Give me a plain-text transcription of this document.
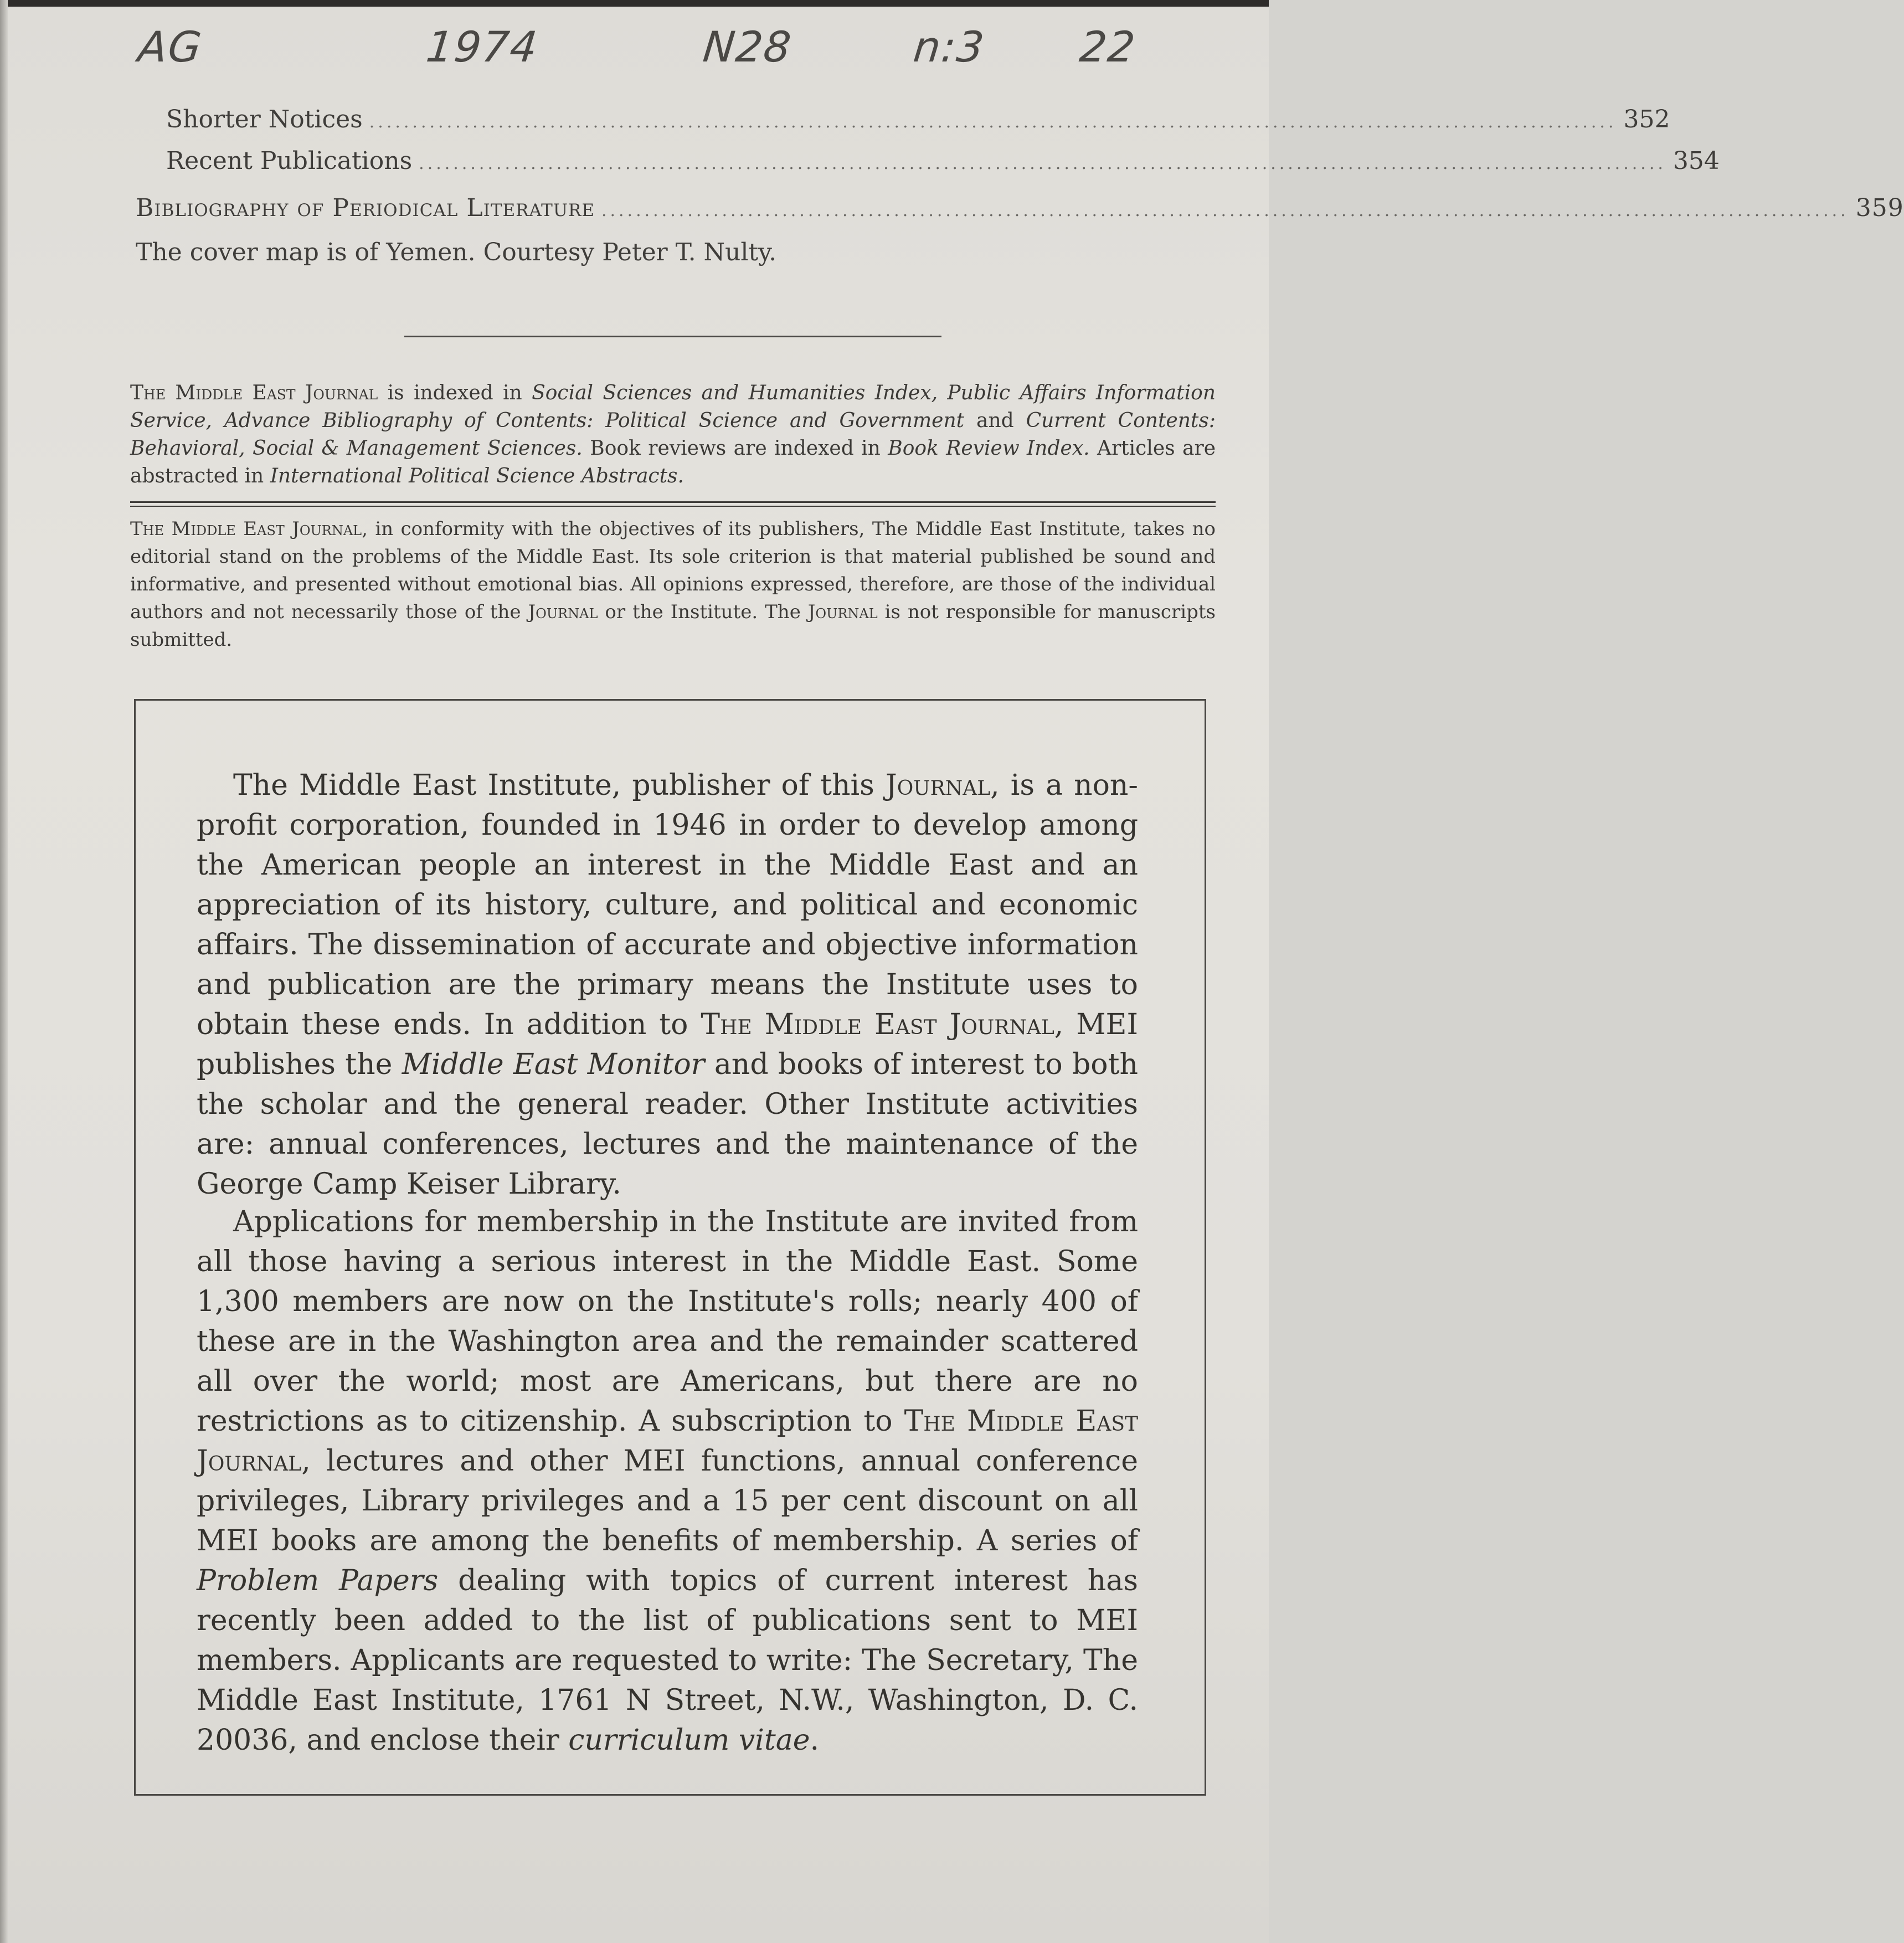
AG	1974	N28	n:3 22
Shorter Notices ................................................................................................................................................. 352
Recent Publications ................................................................................................................................................. 354
Bibliography of Periodical Literature ................................................................................................................................................. 359
The cover map is of Yemen. Courtesy Peter T. Nulty.
The Middle East Journal is indexed in Social Sciences and Humanities Index, Public Affairs Information Service, Advance Bibliography of Contents: Political Science and Government and Current Contents: Behavioral, Social & Management Sciences. Book reviews are indexed in Book Review Index. Articles are abstracted in International Political Science Abstracts.
The Middle East Journal, in conformity with the objectives of its publishers, The Middle East Institute, takes no editorial stand on the problems of the Middle East. Its sole criterion is that material published be sound and informative, and presented without emotional bias. All opinions expressed, therefore, are those of the individual authors and not necessarily those of the Journal or the Institute. The Journal is not responsible for manuscripts submitted.
The Middle East Institute, publisher of this Journal, is a nonprofit corporation, founded in 1946 in order to develop among the American people an interest in the Middle East and an appreciation of its history, culture, and political and economic affairs. The dissemination of accurate and objective information and publication are the primary means the Institute uses to obtain these ends. In addition to The Middle East Journal, MEI publishes the Middle East Monitor and books of interest to both the scholar and the general reader. Other Institute activities are: annual conferences, lectures and the maintenance of the George Camp Keiser Library.
Applications for membership in the Institute are invited from all those having a serious interest in the Middle East. Some 1,300 members are now on the Institute's rolls; nearly 400 of these are in the Washington area and the remainder scattered all over the world; most are Americans, but there are no restrictions as to citizenship. A subscription to The Middle East Journal, lectures and other MEI functions, annual conference privileges, Library privileges and a 15 per cent discount on all MEI books are among the benefits of membership. A series of Problem Papers dealing with topics of current interest has recently been added to the list of publications sent to MEI members. Applicants are requested to write: The Secretary, The Middle East Institute, 1761 N Street, N.W., Washington, D. C. 20036, and enclose their curriculum vitae.
